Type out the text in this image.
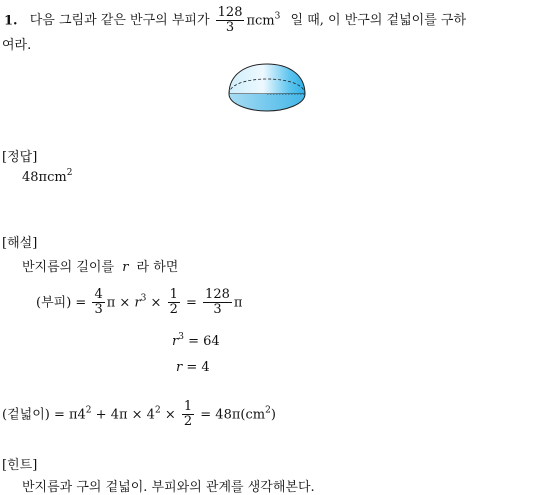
1. 다음 그림과 같은 반구의 부피가 $\frac{128}{3} \pi cm^3$ 일 때, 이 반구의 겉넓이를 구하
여라.
[정답]
48πcm$^2$
[해설]
반지름의 길이를 r 라 하면
(부피) = $\frac{4}{3}$ $\pi \times r^3 \times \frac{1}{2} = \frac{128}{3}$ π
$r^3 = 64$
r = 4
(겉넓이) = $\pi 4^2 + 4\pi \times 4^2 \times \frac{1}{2} = 48\pi(cm^2)$
[힌트]
반지름과 구의 겉넓이. 부피와의 관계를 생각해본다.
